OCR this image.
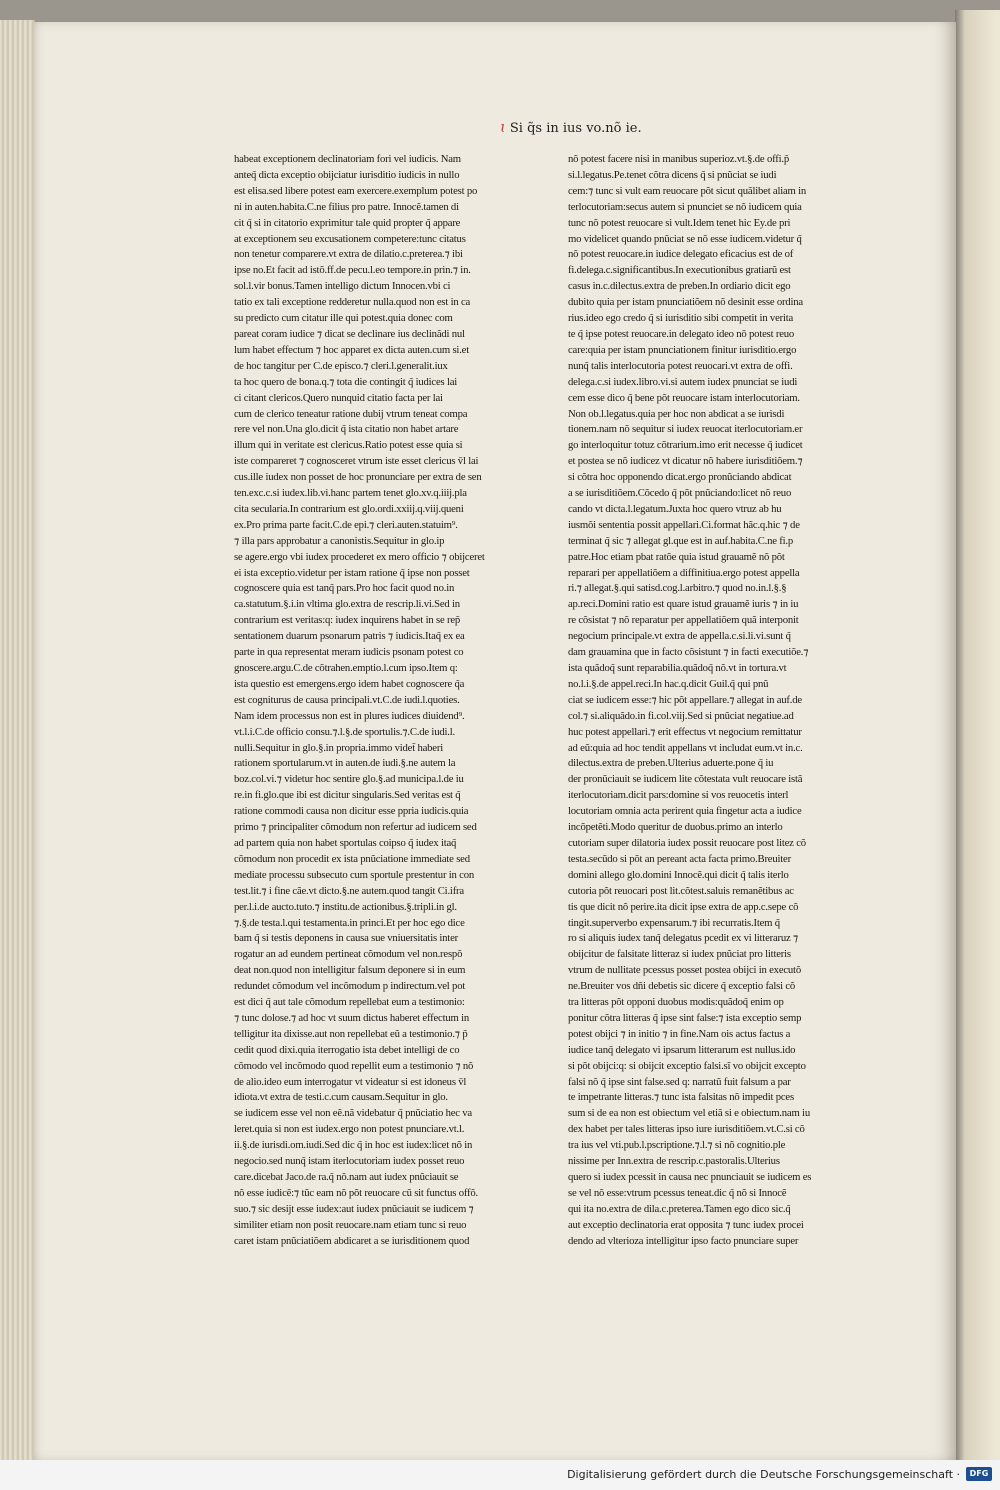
ɩ Si q̃s in ius vo.nõ ie.
habeat exceptionem declinatoriam fori vel iudicis. Nam
anteq̃ dicta exceptio obijciatur iurisditio iudicis in nullo
est elisa.sed libere potest eam exercere.exemplum potest po
ni in auten.habita.C.ne filius pro patre. Innocẽ.tamen di
cit q̃ si in citatorio exprimitur tale quid propter q̃ appare
at exceptionem seu excusationem competere:tunc citatus
non tenetur comparere.vt extra de dilatio.c.preterea.⁊ ibi
ipse no.Et facit ad istõ.ff.de pecu.l.eo tempore.in prin.⁊ in.
sol.l.vir bonus.Tamen intelligo dictum Innocen.vbi ci
tatio ex tali exceptione redderetur nulla.quod non est in ca
su predicto cum citatur ille qui potest.quia donec com
pareat coram iudice ⁊ dicat se declinare ius declinãdi nul
lum habet effectum ⁊ hoc apparet ex dicta auten.cum si.et
de hoc tangitur per C.de episco.⁊ cleri.l.generalit.iux
ta hoc quero de bona.q.⁊ tota die contingit q̃ iudices lai
ci citant clericos.Quero nunquid citatio facta per lai
cum de clerico teneatur ratione dubij vtrum teneat compa
rere vel non.Una glo.dicit q̃ ista citatio non habet artare
illum qui in veritate est clericus.Ratio potest esse quia si
iste compareret ⁊ cognosceret vtrum iste esset clericus v̄l lai
cus.ille iudex non posset de hoc pronunciare per extra de sen
ten.exc.c.si iudex.lib.vi.hanc partem tenet glo.xv.q.iiij.pla
cita secularia.In contrarium est glo.ordi.xxiij.q.viij.queni
ex.Pro prima parte facit.C.de epi.⁊ cleri.auten.statuim⁹.
⁊ illa pars approbatur a canonistis.Sequitur in glo.ip
se agere.ergo vbi iudex procederet ex mero officio ⁊ obijceret
ei ista exceptio.videtur per istam ratione q̃ ipse non posset
cognoscere quia est tanq̃ pars.Pro hoc facit quod no.in
ca.statutum.§.i.in vltima glo.extra de rescrip.li.vi.Sed in
contrarium est veritas:q: iudex inquirens habet in se rep̃
sentationem duarum psonarum patris ⁊ iudicis.Itaq̃ ex ea
parte in qua representat meram iudicis psonam potest co
gnoscere.argu.C.de cõtrahen.emptio.l.cum ipso.Item q:
ista questio est emergens.ergo idem habet cognoscere q̃a
est cogniturus de causa principali.vt.C.de iudi.l.quoties.
Nam idem processus non est in plures iudices diuidend⁹.
vt.l.i.C.de officio consu.⁊.l.§.de sportulis.⁊.C.de iudi.l.
nulli.Sequitur in glo.§.in propria.immo videt̃ haberi
rationem sportularum.vt in auten.de iudi.§.ne autem la
boz.col.vi.⁊ videtur hoc sentire glo.§.ad municipa.l.de iu
re.in fi.glo.que ibi est dicitur singularis.Sed veritas est q̃
ratione commodi causa non dicitur esse ppria iudicis.quia
primo ⁊ principaliter cõmodum non refertur ad iudicem sed
ad partem quia non habet sportulas coipso q̃ iudex itaq̃
cõmodum non procedit ex ista pnũciatione immediate sed
mediate processu subsecuto cum sportule prestentur in con
test.lit.⁊ i fine cãe.vt dicto.§.ne autem.quod tangit Ci.ifra
per.l.i.de aucto.tuto.⁊ institu.de actionibus.§.tripli.in gl.
⁊.§.de testa.l.qui testamenta.in princi.Et per hoc ego dice
bam q̃ si testis deponens in causa sue vniuersitatis inter
rogatur an ad eundem pertineat cõmodum vel non.respõ
deat non.quod non intelligitur falsum deponere si in eum
redundet cõmodum vel incõmodum p indirectum.vel pot
est dici q̃ aut tale cõmodum repellebat eum a testimonio:
⁊ tunc dolose.⁊ ad hoc vt suum dictus haberet effectum in
telligitur ita dixisse.aut non repellebat eũ a testimonio.⁊ p̃
cedit quod dixi.quia iterrogatio ista debet intelligi de co
cõmodo vel incõmodo quod repellit eum a testimonio ⁊ nõ
de alio.ideo eum interrogatur vt videatur si est idoneus v̄l
idiota.vt extra de testi.c.cum causam.Sequitur in glo.
se iudicem esse vel non eẽ.nã videbatur q̃ pnũciatio hec va
leret.quia si non est iudex.ergo non potest pnunciare.vt.l.
ii.§.de iurisdi.om.iudi.Sed dic q̃ in hoc est iudex:licet nõ in
negocio.sed nunq̃ istam iterlocutoriam iudex posset reuo
care.dicebat Jaco.de ra.q̃ nõ.nam aut iudex pnũciauit se
nõ esse iudicẽ:⁊ tũc eam nõ põt reuocare cũ sit functus offõ.
suo.⁊ sic desijt esse iudex:aut iudex pnũciauit se iudicem ⁊
similiter etiam non posit reuocare.nam etiam tunc si reuo
caret istam pnũciatiõem abdicaret a se iurisditionem quod
nõ potest facere nisi in manibus superioz.vt.§.de offi.p̃
si.l.legatus.Pe.tenet cõtra dicens q̃ si pnũciat se iudi
cem:⁊ tunc si vult eam reuocare põt sicut quãlibet aliam in
terlocutoriam:secus autem si pnunciet se nõ iudicem quia
tunc nõ potest reuocare si vult.Idem tenet hic Ey.de pri
mo videlicet quando pnũciat se nõ esse iudicem.videtur q̃
nõ potest reuocare.in iudice delegato eficacius est de of
fi.delega.c.significantibus.In executionibus gratiarũ est
casus in.c.dilectus.extra de preben.In ordiario dicit ego
dubito quia per istam pnunciatiõem nõ desinit esse ordina
rius.ideo ego credo q̃ si iurisditio sibi competit in verita
te q̃ ipse potest reuocare.in delegato ideo nõ potest reuo
care:quia per istam pnunciationem finitur iurisditio.ergo
nunq̃ talis interlocutoria potest reuocari.vt extra de offi.
delega.c.si iudex.libro.vi.si autem iudex pnunciat se iudi
cem esse dico q̃ bene põt reuocare istam interlocutoriam.
Non ob.l.legatus.quia per hoc non abdicat a se iurisdi
tionem.nam nõ sequitur si iudex reuocat iterlocutoriam.er
go interloquitur totuz cõtrarium.imo erit necesse q̃ iudicet
et postea se nõ iudicez vt dicatur nõ habere iurisditiõem.⁊
si cõtra hoc opponendo dicat.ergo pronũciando abdicat
a se iurisditiõem.Cõcedo q̃ põt pnũciando:licet nõ reuo
cando vt dicta.l.legatum.Juxta hoc quero vtruz ab hu
iusmõi sententia possit appellari.Ci.format hãc.q.hic ⁊ de
terminat q̃ sic ⁊ allegat gl.que est in auf.habita.C.ne fi.p
patre.Hoc etiam pbat ratõe quia istud grauamẽ nõ põt
reparari per appellatiõem a diffinitiua.ergo potest appella
ri.⁊ allegat.§.qui satisd.cog.l.arbitro.⁊ quod no.in.l.§.§
ap.reci.Domini ratio est quare istud grauamẽ iuris ⁊ in iu
re cõsistat ⁊ nõ reparatur per appellatiõem quã interponit
negocium principale.vt extra de appella.c.si.li.vi.sunt q̃
dam grauamina que in facto cõsistunt ⁊ in facti executiõe.⁊
ista quãdoq̃ sunt reparabilia.quãdoq̃ nõ.vt in tortura.vt
no.l.i.§.de appel.reci.In hac.q.dicit Guil.q̃ qui pnũ
ciat se iudicem esse:⁊ hic põt appellare.⁊ allegat in auf.de
col.⁊ si.aliquãdo.in fi.col.viij.Sed si pnũciat negatiue.ad
huc potest appellari.⁊ erit effectus vt negocium remittatur
ad eũ:quia ad hoc tendit appellans vt includat eum.vt in.c.
dilectus.extra de preben.Ulterius aduerte.pone q̃ iu
der pronũciauit se iudicem lite cõtestata vult reuocare istã
iterlocutoriam.dicit pars:domine si vos reuocetis interl
locutoriam omnia acta perirent quia fingetur acta a iudice
incõpetẽti.Modo queritur de duobus.primo an interlo
cutoriam super dilatoria iudex possit reuocare post litez cõ
testa.secũdo si põt an pereant acta facta primo.Breuiter
domini allego glo.domini Innocẽ.qui dicit q̃ talis iterlo
cutoria põt reuocari post lit.cõtest.saluis remanẽtibus ac
tis que dicit nõ perire.ita dicit ipse extra de app.c.sepe cõ
tingit.superverbo expensarum.⁊ ibi recurratis.Item q̃
ro si aliquis iudex tanq̃ delegatus pcedit ex vi litteraruz ⁊
obijcitur de falsitate litteraz si iudex pnũciat pro litteris
vtrum de nullitate pcessus posset postea obijci in executõ
ne.Breuiter vos dñi debetis sic dicere q̃ exceptio falsi cõ
tra litteras põt opponi duobus modis:quãdoq̃ enim op
ponitur cõtra litteras q̃ ipse sint false:⁊ ista exceptio semp
potest obijci ⁊ in initio ⁊ in fine.Nam ois actus factus a
iudice tanq̃ delegato vi ipsarum litterarum est nullus.ido
si põt obijci:q: si obijcit exceptio falsi.sĩ vo obijcit excepto
falsi nõ q̃ ipse sint false.sed q: narratũ fuit falsum a par
te impetrante litteras.⁊ tunc ista falsitas nõ impedit pces
sum si de ea non est obiectum vel etiã si e obiectum.nam iu
dex habet per tales litteras ipso iure iurisditiõem.vt.C.si cõ
tra ius vel vti.pub.l.pscriptione.⁊.l.⁊ si nõ cognitio.ple
nissime per Inn.extra de rescrip.c.pastoralis.Ulterius
quero si iudex pcessit in causa nec pnunciauit se iudicem es
se vel nõ esse:vtrum pcessus teneat.dic q̃ nõ si Innocẽ
qui ita no.extra de dila.c.preterea.Tamen ego dico sic.q̃
aut exceptio declinatoria erat opposita ⁊ tunc iudex procei
dendo ad vlterioza intelligitur ipso facto pnunciare super
Digitalisierung gefördert durch die Deutsche Forschungsgemeinschaft ·	DFG
